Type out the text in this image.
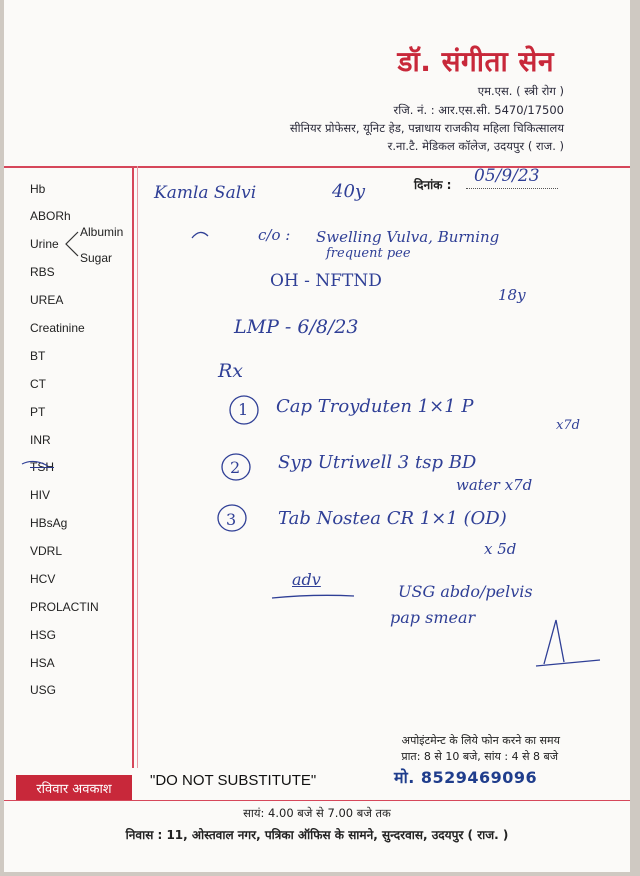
डॉ. संगीता सेन
एम.एस. ( स्त्री रोग )
रजि. नं. : आर.एस.सी. 5470/17500
सीनियर प्रोफेसर, यूनिट हेड, पन्नाधाय राजकीय महिला चिकित्सालय
र.ना.टै. मेडिकल कॉलेज, उदयपुर ( राज. )
Hb
ABORh
Urine
Albumin
Sugar
RBS
UREA
Creatinine
BT
CT
PT
INR
TSH
HIV
HBsAg
VDRL
HCV
PROLACTIN
HSG
HSA
USG
दिनांक : 05/9/23
Kamla Salvi	40y
c/o : Swelling Vulva, Burning
frequent pee
OH - NFTND
18y
LMP - 6/8/23
Rx
1 Cap Troyduten 1×1 P
x7d
2 Syp Utriwell 3 tsp BD
water x7d
3 Tab Nostea CR 1×1 (OD)
x 5d
adv
USG abdo/pelvis
pap smear
अपोइंटमेन्ट के लिये फोन करने का समय
प्रात: 8 से 10 बजे, सांय : 4 से 8 बजे
मो. 8529469096
रविवार अवकाश
"DO NOT SUBSTITUTE"
सायं: 4.00 बजे से 7.00 बजे तक
निवास : 11, ओस्तवाल नगर, पत्रिका ऑफिस के सामने, सुन्दरवास, उदयपुर ( राज. )
